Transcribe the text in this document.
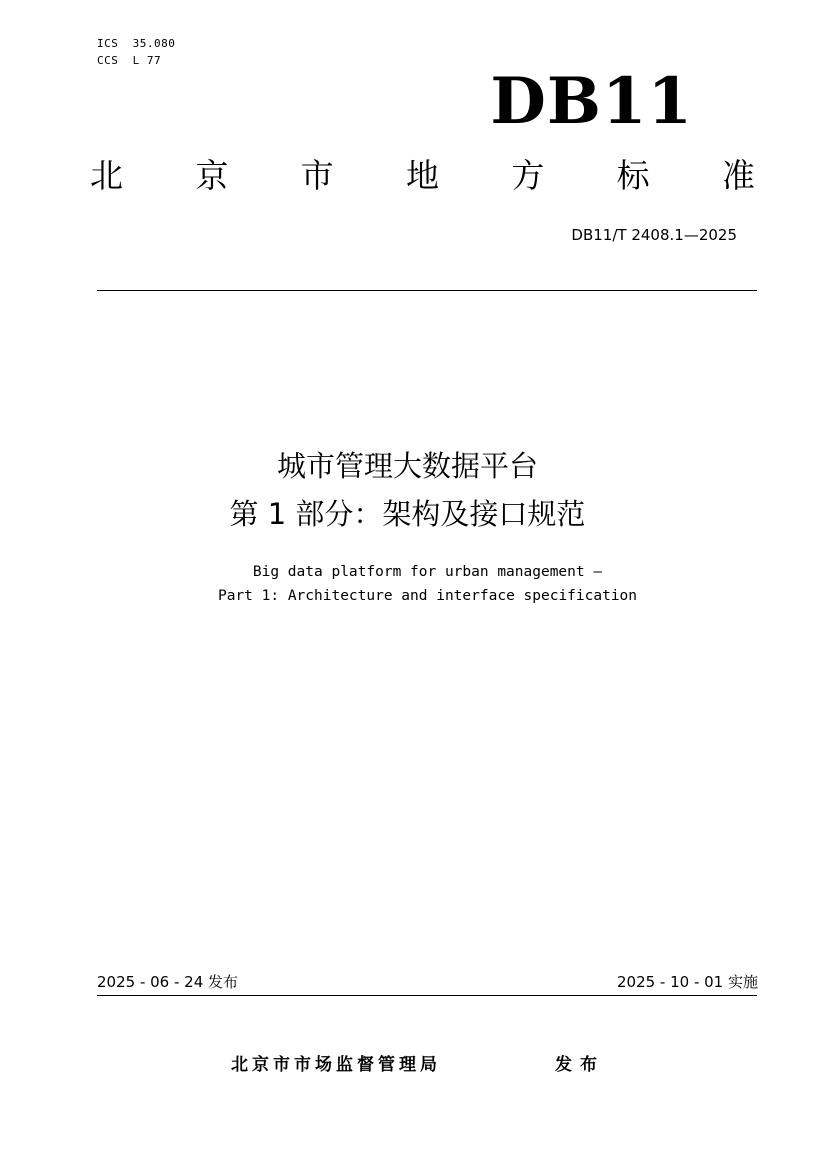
ICS  35.080
CCS  L 77
DB11
北 京 市 地 方 标 准
DB11/T 2408.1—2025
城市管理大数据平台
第 1 部分：架构及接口规范
Big data platform for urban management —
Part 1: Architecture and interface specification
2025 - 06 - 24 发布	2025 - 10 - 01 实施
北京市市场监督管理局	发布
